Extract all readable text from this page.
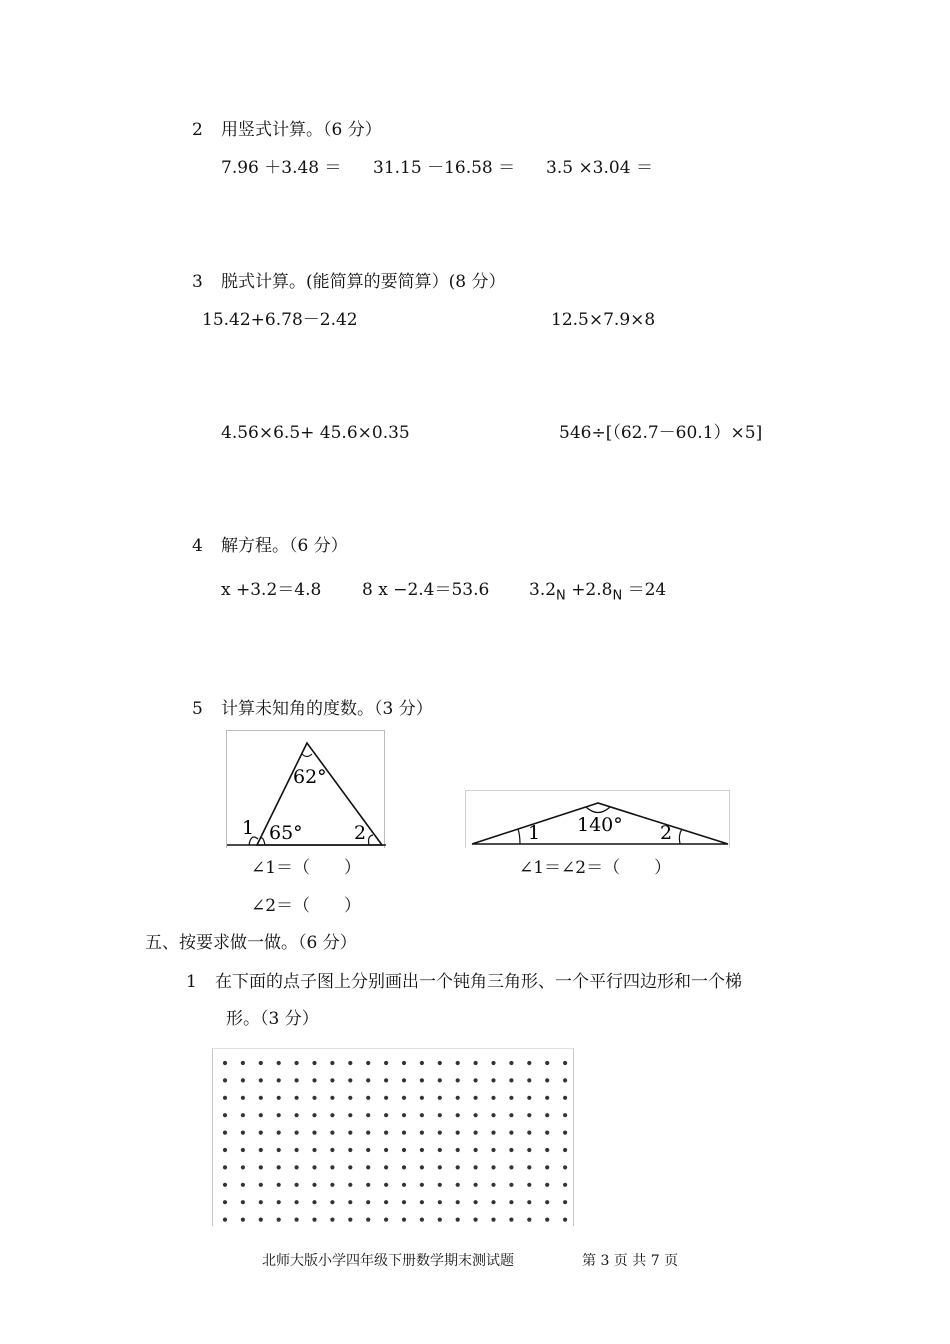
2 用竖式计算。（6 分）
7.96 ＋3.48 ＝ 31.15 －16.58 ＝ 3.5 ×3.04 ＝
3 脱式计算。(能简算的要简算）(8 分）
15.42+6.78－2.42	12.5×7.9×8
4.56×6.5+ 45.6×0.35	546÷[（62.7－60.1）×5]
4 解方程。（6 分）
x +3.2＝4.8 8 x −2.4＝53.6 $3.2_N +2.8_N =24$
5 计算未知角的度数。（3 分）
62°
65°
1	2	140°
1	2
∠1＝（　　）	∠1＝∠2＝（　　）
∠2＝（　　）
五、按要求做一做。（6 分）
1 在下面的点子图上分别画出一个钝角三角形、一个平行四边形和一个梯
形。（3 分）
北师大版小学四年级下册数学期末测试题	第 3 页 共 7 页
